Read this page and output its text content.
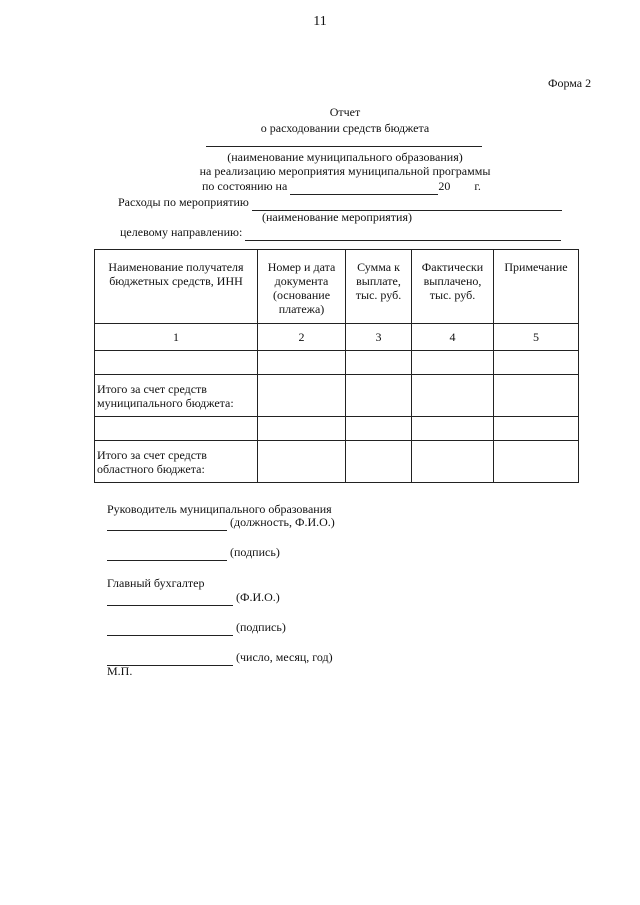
11
Форма 2
Отчет
о расходовании средств бюджета
(наименование муниципального образования)
на реализацию мероприятия муниципальной программы
по состоянию на	20 г.
Расходы по мероприятию
(наименование мероприятия)
целевому направлению:
Наименование получателя бюджетных средств, ИНН	Номер и дата документа (основание платежа)	Сумма к выплате, тыс. руб.	Фактически выплачено, тыс. руб.	Примечание
1	2	3	4	5

Итого за счет средств муниципального бюджета:				

Итого за счет средств областного бюджета:				
Руководитель муниципального образования
(должность, Ф.И.О.)
(подпись)
Главный бухгалтер
(Ф.И.О.)
(подпись)
(число, месяц, год)
М.П.
